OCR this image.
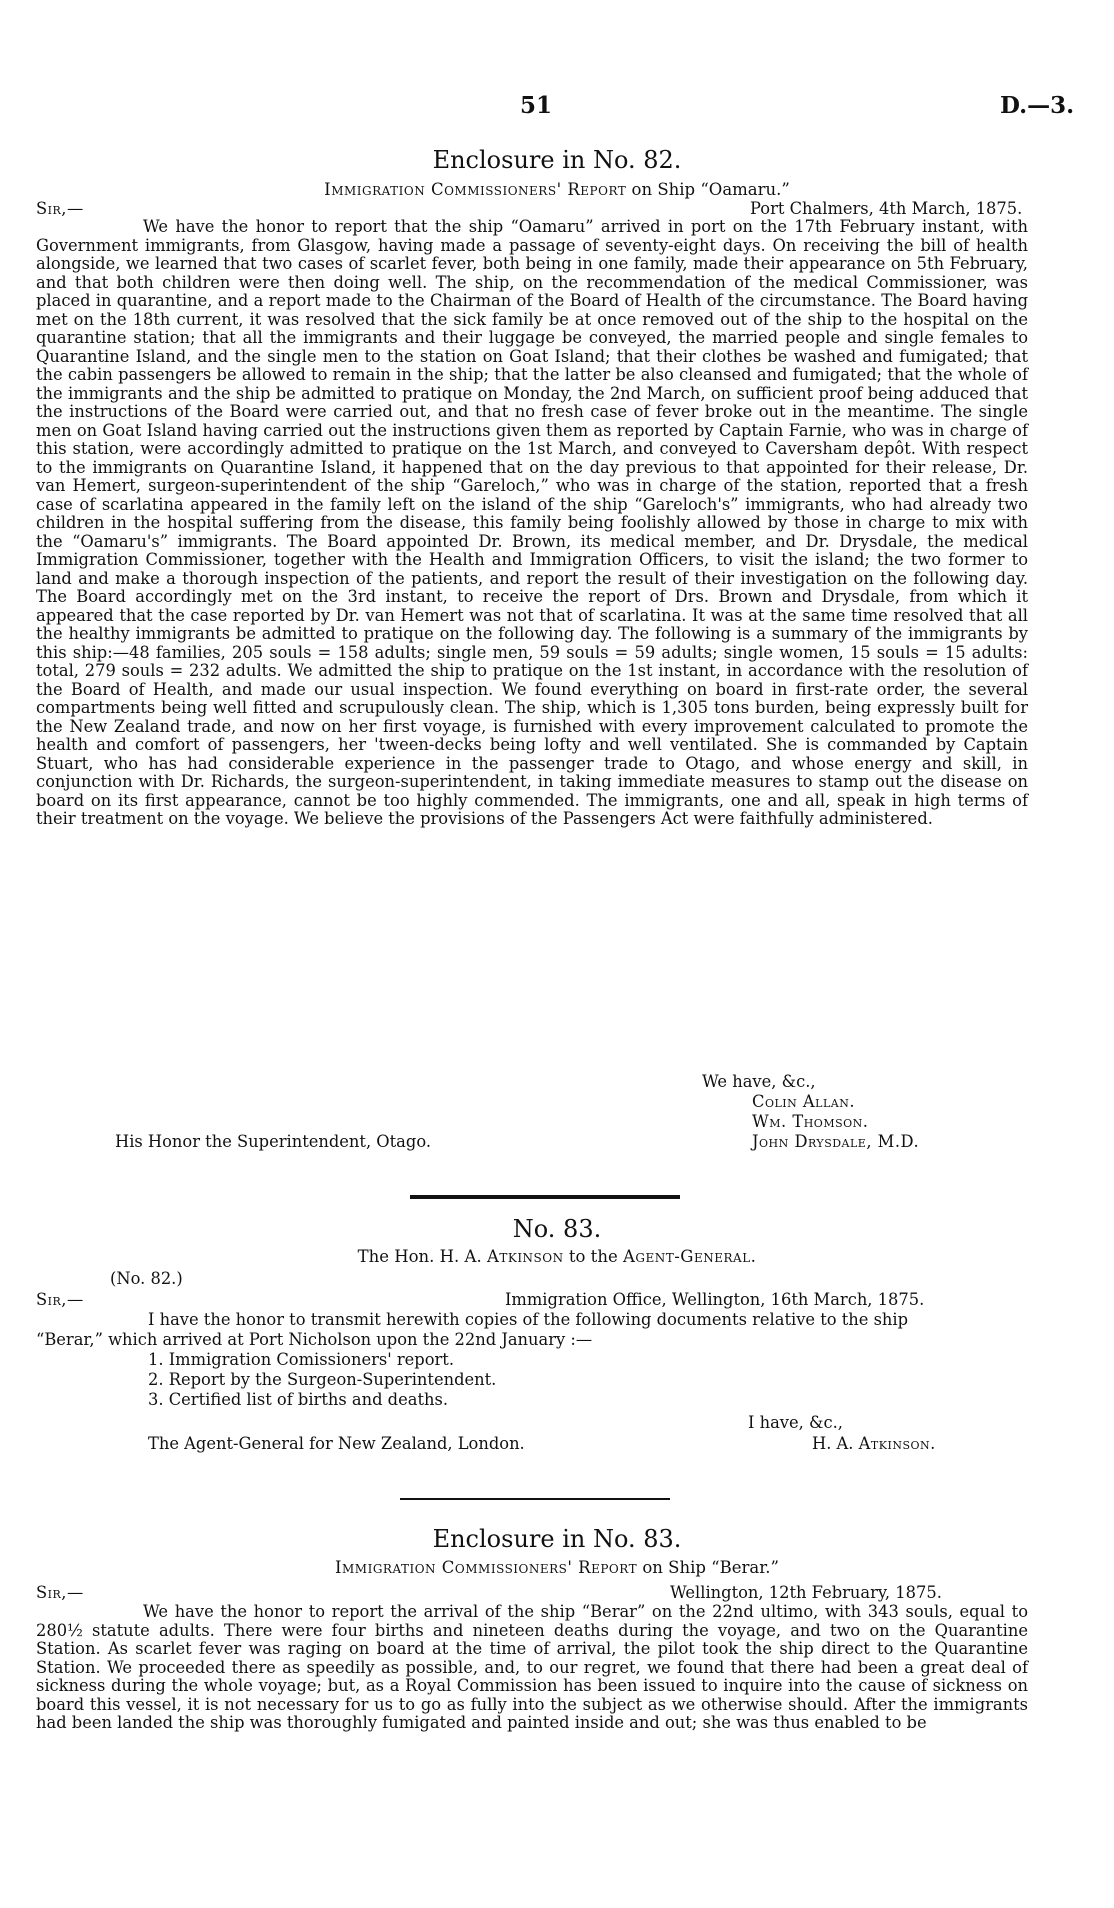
51	D.—3.
Enclosure in No. 82.
Immigration Commissioners' Report on Ship “Oamaru.”
Sir,—	Port Chalmers, 4th March, 1875.
We have the honor to report that the ship “Oamaru” arrived in port on the 17th February instant, with Government immigrants, from Glasgow, having made a passage of seventy-eight days. On receiving the bill of health alongside, we learned that two cases of scarlet fever, both being in one family, made their appearance on 5th February, and that both children were then doing well. The ship, on the recommendation of the medical Commissioner, was placed in quarantine, and a report made to the Chairman of the Board of Health of the circumstance. The Board having met on the 18th current, it was resolved that the sick family be at once removed out of the ship to the hospital on the quarantine station; that all the immigrants and their luggage be conveyed, the married people and single females to Quarantine Island, and the single men to the station on Goat Island; that their clothes be washed and fumigated; that the cabin passengers be allowed to remain in the ship; that the latter be also cleansed and fumigated; that the whole of the immigrants and the ship be admitted to pratique on Monday, the 2nd March, on sufficient proof being adduced that the instructions of the Board were carried out, and that no fresh case of fever broke out in the meantime. The single men on Goat Island having carried out the instructions given them as reported by Captain Farnie, who was in charge of this station, were accordingly admitted to pratique on the 1st March, and conveyed to Caversham depôt. With respect to the immigrants on Quarantine Island, it happened that on the day previous to that appointed for their release, Dr. van Hemert, surgeon-superintendent of the ship “Gareloch,” who was in charge of the station, reported that a fresh case of scarlatina appeared in the family left on the island of the ship “Gareloch's” immigrants, who had already two children in the hospital suffering from the disease, this family being foolishly allowed by those in charge to mix with the “Oamaru's” immigrants. The Board appointed Dr. Brown, its medical member, and Dr. Drysdale, the medical Immigration Commissioner, together with the Health and Immigration Officers, to visit the island; the two former to land and make a thorough inspection of the patients, and report the result of their investigation on the following day. The Board accordingly met on the 3rd instant, to receive the report of Drs. Brown and Drysdale, from which it appeared that the case reported by Dr. van Hemert was not that of scarlatina. It was at the same time resolved that all the healthy immigrants be admitted to pratique on the following day. The following is a summary of the immigrants by this ship:—48 families, 205 souls = 158 adults; single men, 59 souls = 59 adults; single women, 15 souls = 15 adults: total, 279 souls = 232 adults. We admitted the ship to pratique on the 1st instant, in accordance with the resolution of the Board of Health, and made our usual inspection. We found everything on board in first-rate order, the several compartments being well fitted and scrupulously clean. The ship, which is 1,305 tons burden, being expressly built for the New Zealand trade, and now on her first voyage, is furnished with every improvement calculated to promote the health and comfort of passengers, her 'tween-decks being lofty and well ventilated. She is commanded by Captain Stuart, who has had considerable experience in the passenger trade to Otago, and whose energy and skill, in conjunction with Dr. Richards, the surgeon-superintendent, in taking immediate measures to stamp out the disease on board on its first appearance, cannot be too highly commended. The immigrants, one and all, speak in high terms of their treatment on the voyage. We believe the provisions of the Passengers Act were faithfully administered.
We have, &c.,
Colin Allan.
Wm. Thomson.
John Drysdale, M.D.
His Honor the Superintendent, Otago.
No. 83.
The Hon. H. A. Atkinson to the Agent-General.
(No. 82.)
Sir,—	Immigration Office, Wellington, 16th March, 1875.
I have the honor to transmit herewith copies of the following documents relative to the ship
“Berar,” which arrived at Port Nicholson upon the 22nd January :—
1. Immigration Comissioners' report.
2. Report by the Surgeon-Superintendent.
3. Certified list of births and deaths.
I have, &c.,
H. A. Atkinson.
The Agent-General for New Zealand, London.
Enclosure in No. 83.
Immigration Commissioners' Report on Ship “Berar.”
Sir,—	Wellington, 12th February, 1875.
We have the honor to report the arrival of the ship “Berar” on the 22nd ultimo, with 343 souls, equal to 280½ statute adults. There were four births and nineteen deaths during the voyage, and two on the Quarantine Station. As scarlet fever was raging on board at the time of arrival, the pilot took the ship direct to the Quarantine Station. We proceeded there as speedily as possible, and, to our regret, we found that there had been a great deal of sickness during the whole voyage; but, as a Royal Commission has been issued to inquire into the cause of sickness on board this vessel, it is not necessary for us to go as fully into the subject as we otherwise should. After the immigrants had been landed the ship was thoroughly fumigated and painted inside and out; she was thus enabled to be
